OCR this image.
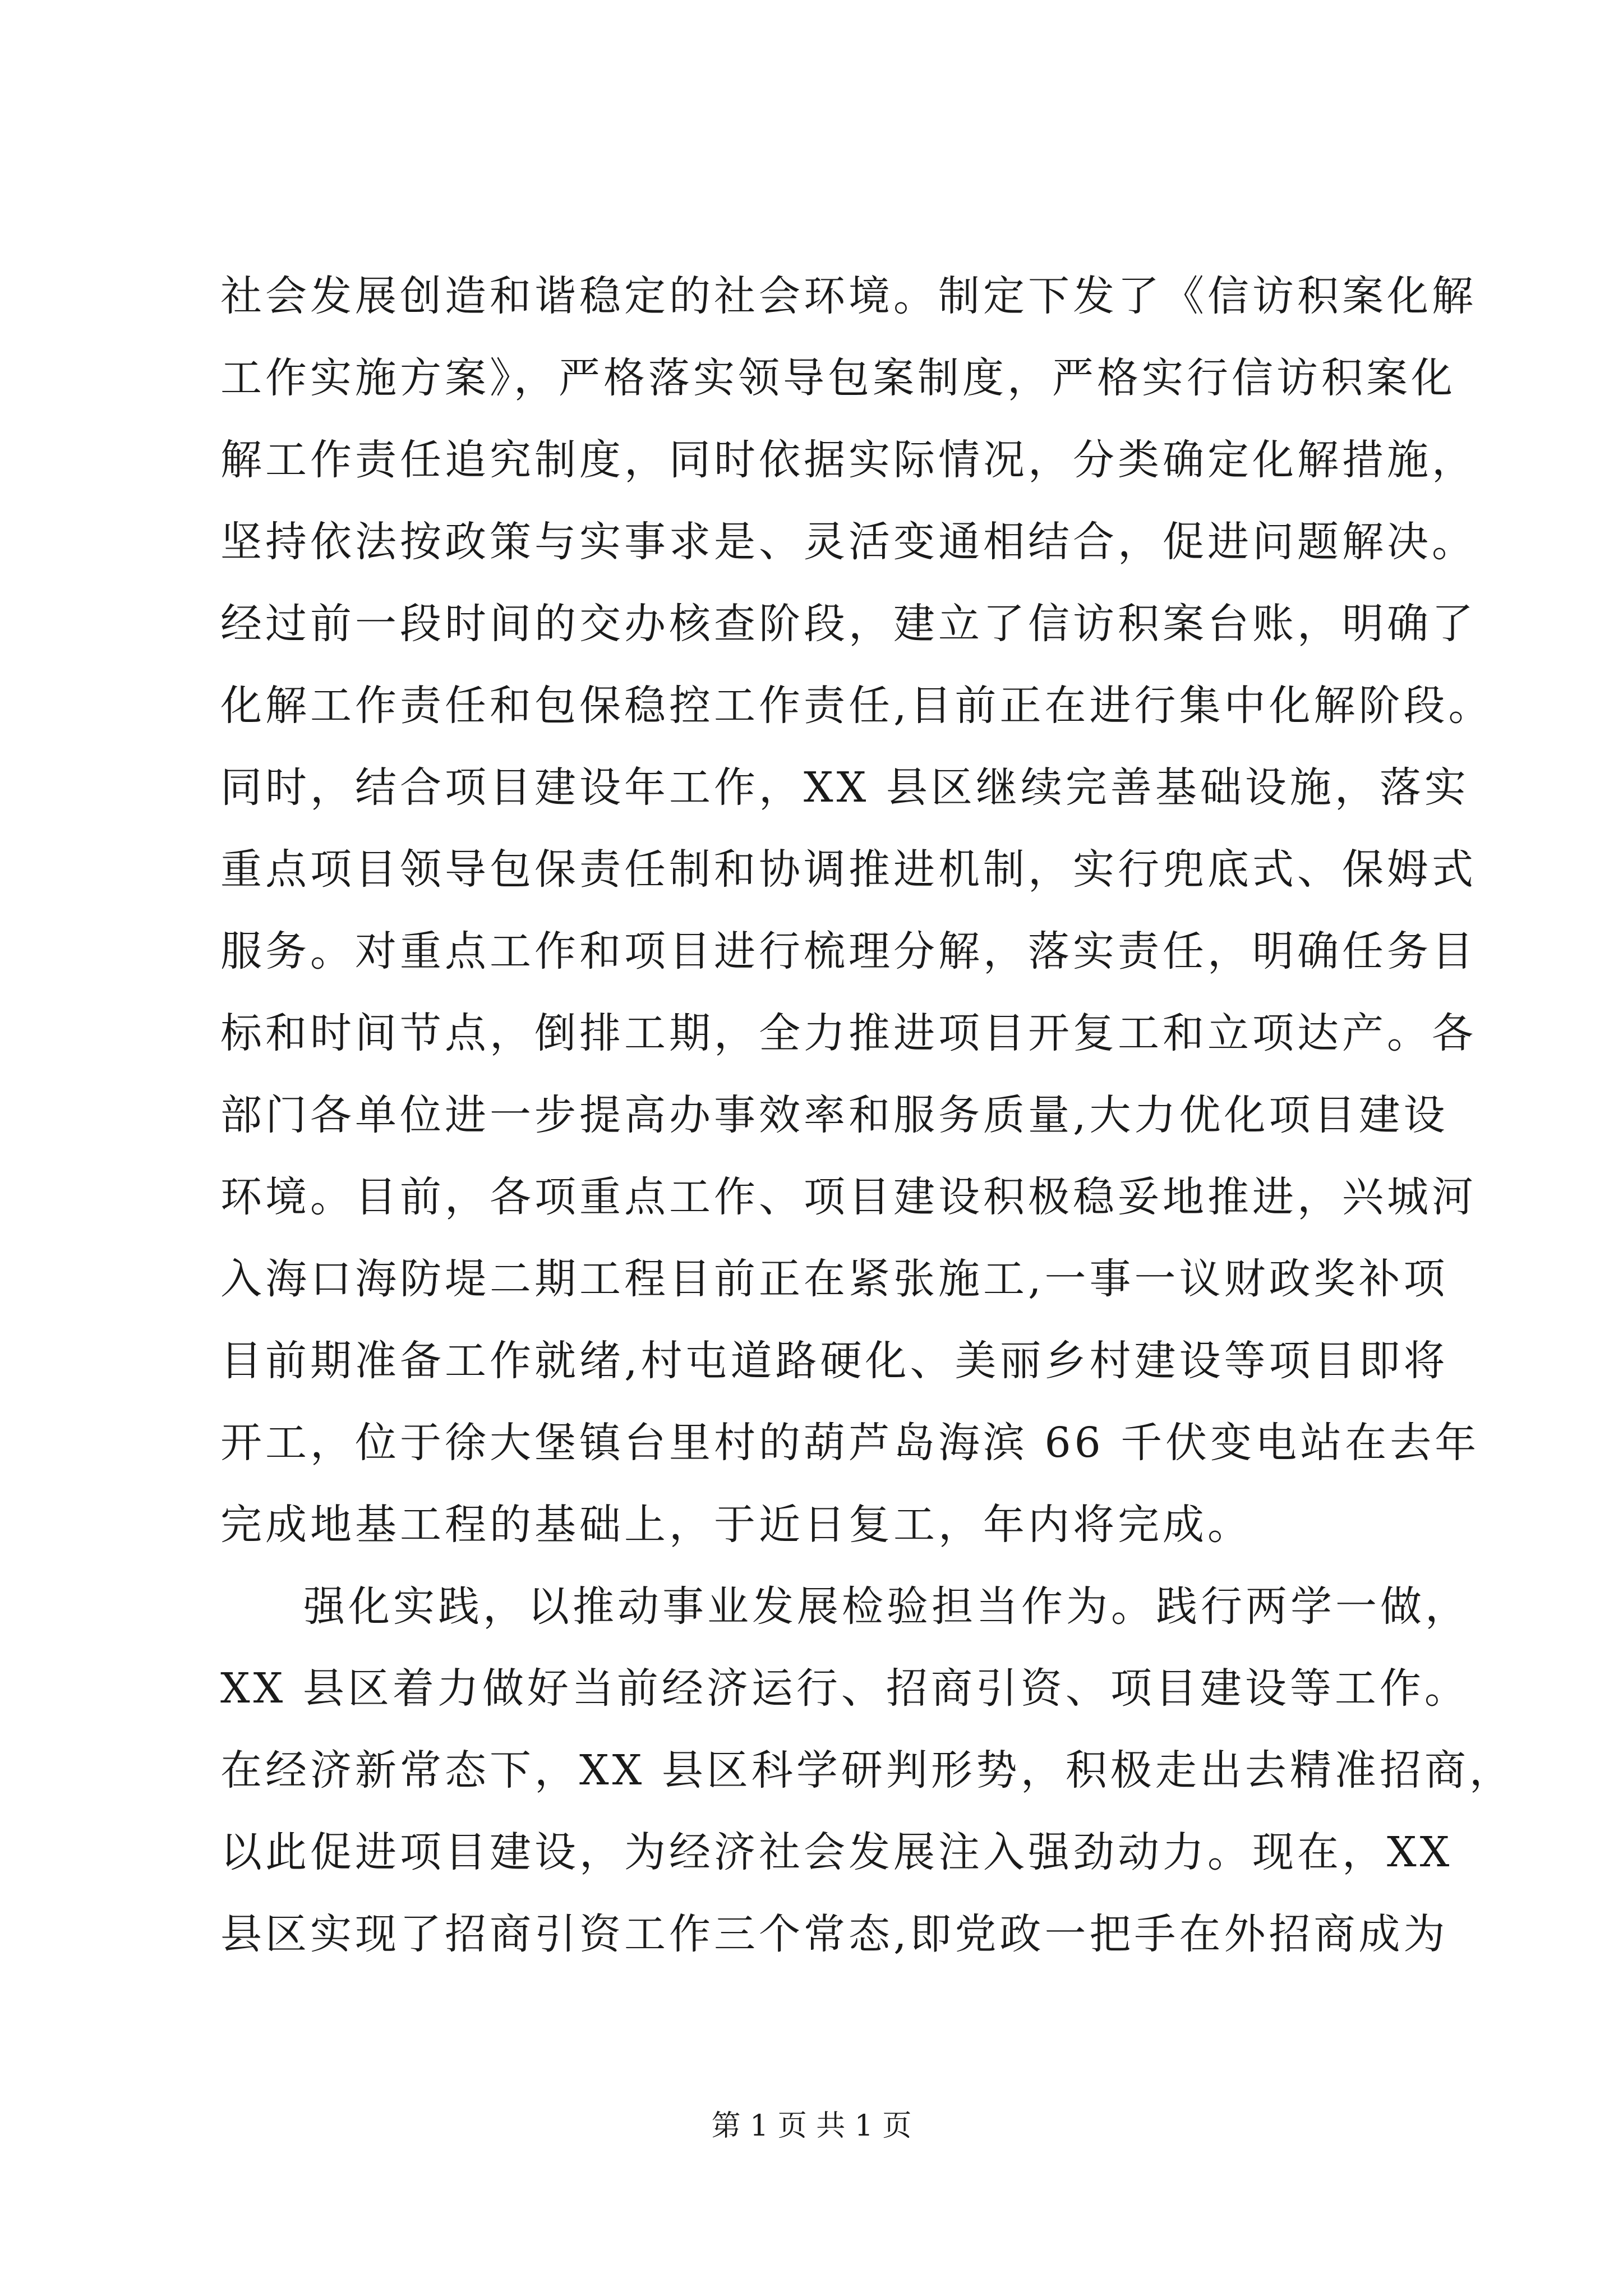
社会发展创造和谐稳定的社会环境。制定下发了《信访积案化解
工作实施方案》，严格落实领导包案制度，严格实行信访积案化
解工作责任追究制度，同时依据实际情况，分类确定化解措施，
坚持依法按政策与实事求是、灵活变通相结合，促进问题解决。
经过前一段时间的交办核查阶段，建立了信访积案台账，明确了
化解工作责任和包保稳控工作责任,目前正在进行集中化解阶段。
同时，结合项目建设年工作，XX 县区继续完善基础设施，落实
重点项目领导包保责任制和协调推进机制，实行兜底式、保姆式
服务。对重点工作和项目进行梳理分解，落实责任，明确任务目
标和时间节点，倒排工期，全力推进项目开复工和立项达产。各
部门各单位进一步提高办事效率和服务质量,大力优化项目建设
环境。目前，各项重点工作、项目建设积极稳妥地推进，兴城河
入海口海防堤二期工程目前正在紧张施工,一事一议财政奖补项
目前期准备工作就绪,村屯道路硬化、美丽乡村建设等项目即将
开工，位于徐大堡镇台里村的葫芦岛海滨 66 千伏变电站在去年
完成地基工程的基础上，于近日复工，年内将完成。
强化实践，以推动事业发展检验担当作为。践行两学一做，
XX 县区着力做好当前经济运行、招商引资、项目建设等工作。
在经济新常态下，XX 县区科学研判形势，积极走出去精准招商，
以此促进项目建设，为经济社会发展注入强劲动力。现在，XX
县区实现了招商引资工作三个常态,即党政一把手在外招商成为
第 1 页 共 1 页
